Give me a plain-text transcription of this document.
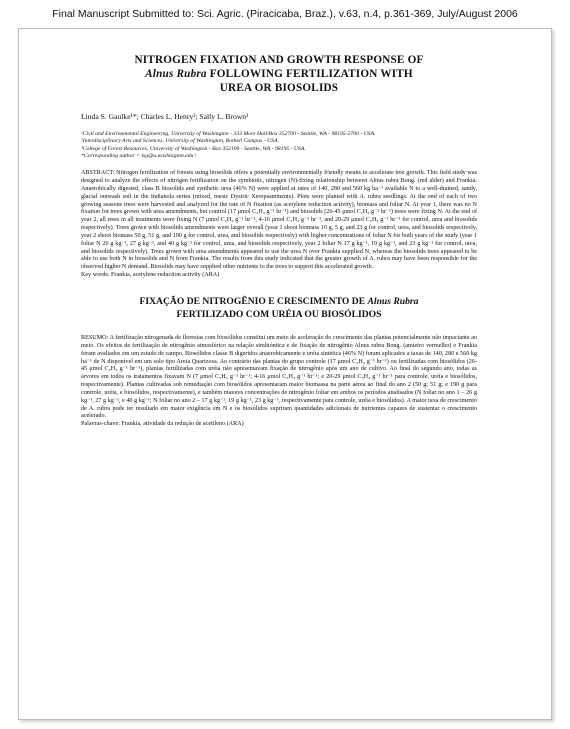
Final Manuscript Submitted to: Sci. Agric. (Piracicaba, Braz.), v.63, n.4, p.361-369, July/August 2006
NITROGEN FIXATION AND GROWTH RESPONSE OF
Alnus Rubra FOLLOWING FERTILIZATION WITH
UREA OR BIOSOLIDS
Linda S. Gaulke¹*; Charles L. Henry²; Sally L. Brown³
¹Civil and Environmental Engineering, University of Washington - 333 More Hall/Box 352700 - Seattle, WA - 98195-2700 - USA.
²Interdisciplinary Arts and Sciences, University of Washington, Bothell Campus - USA.
³College of Forest Resources, University of Washington - Box 352100 - Seattle, WA - 98195 - USA.
*Corresponding author < lsg@u.washington.edu>
ABSTRACT: Nitrogen fertilization of forests using biosolids offers a potentially environmentally friendly means to accelerate tree growth. This field study was designed to analyze the effects of nitrogen fertilization on the symbiotic, nitrogen (N)-fixing relationship between Alnus rubra Bong. (red alder) and Frankia. Anaerobically digested, class B biosolids and synthetic urea (46% N) were applied at rates of 140, 280 and 560 kg ha⁻¹ available N to a well-drained, sandy, glacial outwash soil in the Indianola series (mixed, mesic Dystric Xeropsamments). Plots were planted with A. rubra seedlings. At the end of each of two growing seasons trees were harvested and analyzed for the rate of N fixation (as acetylene reduction activity), biomass and foliar N. At year 1, there was no N fixation for trees grown with urea amendments, but control (17 μmol C₂H₄ g⁻¹ hr⁻¹) and biosolids (26-45 μmol C₂H₄ g⁻¹ hr⁻¹) trees were fixing N. At the end of year 2, all trees in all treatments were fixing N (7 μmol C₂H₄ g⁻¹ hr⁻¹, 4-16 μmol C₂H₄ g⁻¹ hr⁻¹, and 20-29 μmol C₂H₄ g⁻¹ hr⁻¹ for control, urea and biosolids respectively). Trees grown with biosolids amendments were larger overall (year 1 shoot biomass 10 g, 5 g, and 23 g for control, urea, and biosolids respectively, year 2 shoot biomass 50 g, 51 g, and 190 g for control, urea, and biosolids respectively) with higher concentrations of foliar N for both years of the study (year 1 foliar N 26 g kg⁻¹, 27 g kg⁻¹, and 40 g kg⁻¹ for control, urea, and biosolids respectively, year 2 foliar N 17 g kg⁻¹, 19 g kg⁻¹, and 23 g kg⁻¹ for control, urea, and biosolids respectively). Trees grown with urea amendments appeared to use the urea N over Frankia supplied N, whereas the biosolids trees appeared to be able to use both N in biosolids and N from Frankia. The results from this study indicated that the greater growth of A. rubra may have been responsible for the observed higher N demand. Biosolids may have supplied other nutrients to the trees to support this accelerated growth.
Key words: Frankia, acetylene reduction activity (ARA)
FIXAÇÃO DE NITROGÊNIO E CRESCIMENTO DE Alnus Rubra
FERTILIZADO COM URÉIA OU BIOSÓLIDOS
RESUMO: A fertilização nitrogenada de florestas com biosólidos constitui um meio de aceleração do crescimento das plantas potencialmente não impactante ao meio. Os efeitos de fertilização de nitrogênio atmosférico na relação simbióntica e de fixação de nitrogênio Alnus rubra Bong. (amieiro vermelho) e Frankia foram avaliados em um estudo de campo. Biosólidos classe B digeridos anaerobicamente e uréia sintética (46% N) foram aplicados a taxas de 140, 280 e 560 kg ha⁻¹ de N disponível em um solo tipo Areia Quartzosa. Ao contrário das plantas do grupo controle (17 μmol C₂H₄ g⁻¹ hr⁻¹) ou fertilizadas com biosólidos (26-45 μmol C₂H₄ g⁻¹ hr⁻¹), plantas fertilizadas com uréia não apresentavam fixação de nitrogênio após um ano de cultivo. Ao final do segundo ano, todas as árvores em todos os tratamentos fixavam N (7 μmol C₂H₄ g⁻¹ hr⁻¹; 4-16 μmol C₂H₄ g⁻¹ hr⁻¹; e 20-29 μmol C₂H₄ g⁻¹ hr⁻¹ para controle, uréia e biosólidos, respectivamente). Plantas cultivadas sob remediação com biosólidos apresentaram maior biomassa na parte aérea ao final do ano 2 (50 g; 51 g; e 190 g para controle, uréia, e biosólidos, respectivamente), e também maiores concentrações de nitrogênio foliar em ambos os períodos analisados (N foliar no ano 1 – 26 g kg⁻¹, 27 g kg⁻¹, e 40 g kg⁻¹; N foliar no ano 2 – 17 g kg⁻¹, 19 g kg⁻¹, 23 g kg⁻¹, respectivamente para controle, uréia e biosólidos). A maior taxa de crescimento de A. rubra pode ter resultado em maior exigência em N e os biosólidos supriram quantidades adicionais de nutrientes capazes de sustentar o crescimento acelerado.
Palavras-chave: Frankia, atividade da redução de acetileno (ARA)
